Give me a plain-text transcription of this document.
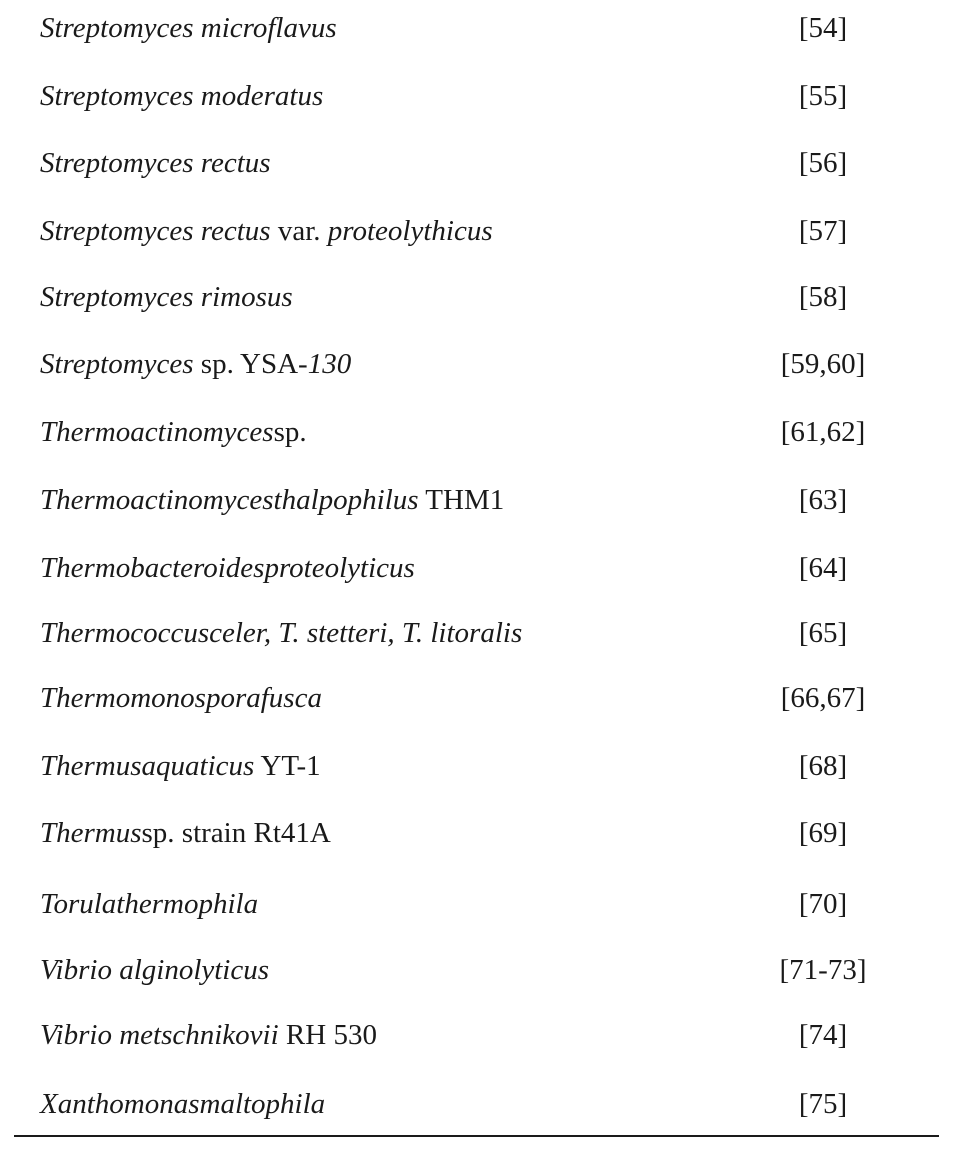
Streptomyces microflavus	[54]
Streptomyces moderatus	[55]
Streptomyces rectus	[56]
Streptomyces rectus var. proteolythicus	[57]
Streptomyces rimosus	[58]
Streptomyces sp. YSA-130	[59,60]
Thermoactinomycessp.	[61,62]
Thermoactinomycesthalpophilus THM1	[63]
Thermobacteroidesproteolyticus	[64]
Thermococcusceler, T. stetteri, T. litoralis	[65]
Thermomonosporafusca	[66,67]
Thermusaquaticus YT-1	[68]
Thermussp. strain Rt41A	[69]
Torulathermophila	[70]
Vibrio alginolyticus	[71-73]
Vibrio metschnikovii RH 530	[74]
Xanthomonasmaltophila	[75]
